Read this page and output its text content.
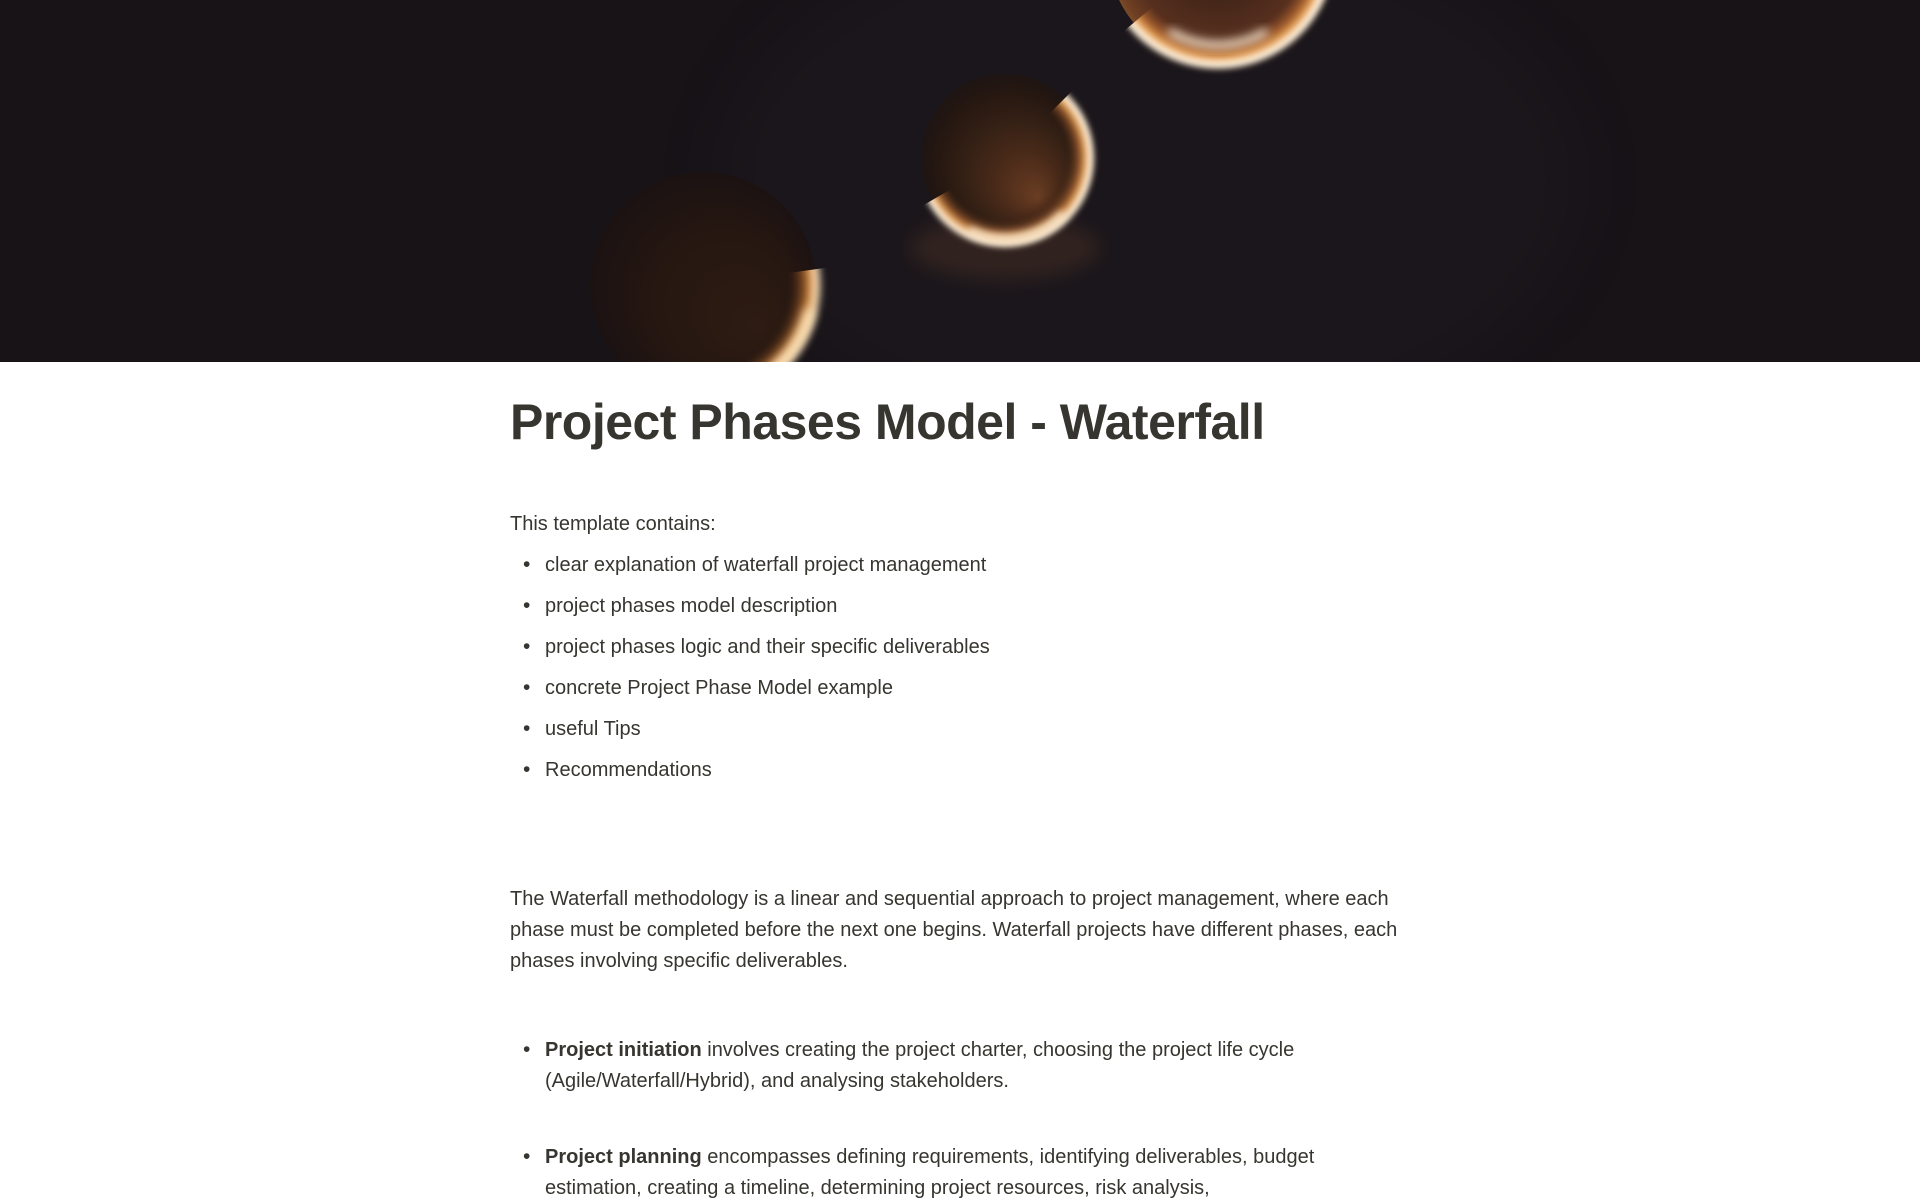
Project Phases Model - Waterfall

This template contains:

• clear explanation of waterfall project management
• project phases model description
• project phases logic and their specific deliverables
• concrete Project Phase Model example
• useful Tips
• Recommendations

The Waterfall methodology is a linear and sequential approach to project management, where each phase must be completed before the next one begins. Waterfall projects have different phases, each phases involving specific deliverables.

• Project initiation involves creating the project charter, choosing the project life cycle (Agile/Waterfall/Hybrid), and analysing stakeholders.
• Project planning encompasses defining requirements, identifying deliverables, budget estimation, creating a timeline, determining project resources, risk analysis,
